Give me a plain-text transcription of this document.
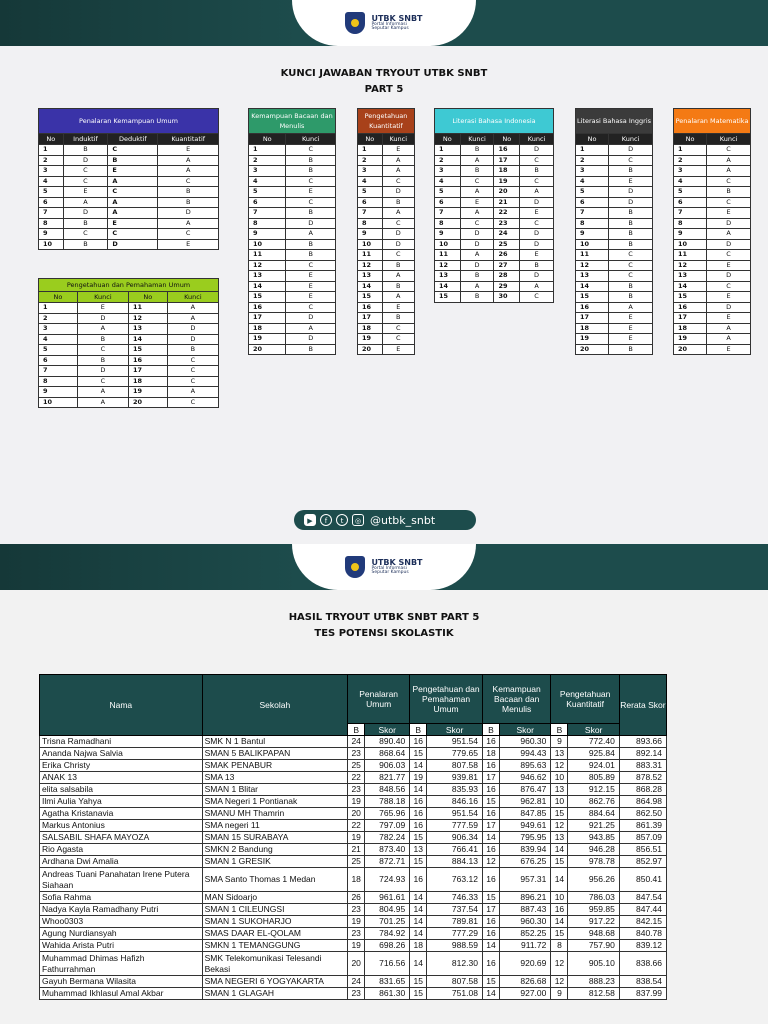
UTBK SNBT
Portal Informasi
Seputar Kampus
KUNCI JAWABAN TRYOUT UTBK SNBT
PART 5
Penalaran Kemampuan Umum			
No	Induktif	Deduktif	Kuantitatif
1	B	C	E
2	D	B	A
3	C	E	A
4	C	A	C
5	E	C	B
6	A	A	B
7	D	A	D
8	B	E	A
9	C	C	C
10	B	D	E
Pengetahuan dan Pemahaman Umum			
No	Kunci	No	Kunci
1	E	11	A
2	D	12	A
3	A	13	D
4	B	14	D
5	C	15	B
6	B	16	C
7	D	17	C
8	C	18	C
9	A	19	A
10	A	20	C
Kemampuan Bacaan dan Menulis	
No	Kunci
1	C
2	B
3	B
4	C
5	E
6	C
7	B
8	D
9	A
10	B
11	B
12	C
13	E
14	E
15	E
16	C
17	D
18	A
19	D
20	B
Pengetahuan Kuantitatif	
No	Kunci
1	E
2	A
3	A
4	C
5	D
6	B
7	A
8	C
9	D
10	D
11	C
12	B
13	A
14	B
15	A
16	E
17	B
18	C
19	C
20	E
Literasi Bahasa Indonesia			
No	Kunci	No	Kunci
1	B	16	D
2	A	17	C
3	B	18	B
4	C	19	C
5	A	20	A
6	E	21	D
7	A	22	E
8	C	23	C
9	D	24	D
10	D	25	D
11	A	26	E
12	D	27	B
13	B	28	D
14	A	29	A
15	B	30	C
Literasi Bahasa Inggris	
No	Kunci
1	D
2	C
3	B
4	E
5	D
6	D
7	B
8	B
9	B
10	B
11	C
12	C
13	C
14	B
15	B
16	A
17	E
18	E
19	E
20	B
Penalaran Matematika	
No	Kunci
1	C
2	A
3	A
4	C
5	B
6	C
7	E
8	D
9	A
10	D
11	C
12	E
13	D
14	C
15	E
16	D
17	E
18	A
19	A
20	E
▶	f	t	◎ @utbk_snbt
UTBK SNBT
Portal Informasi
Seputar Kampus
HASIL TRYOUT UTBK SNBT PART 5
TES POTENSI SKOLASTIK
Nama	Sekolah	Penalaran Umum		Pengetahuan dan Pemahaman Umum		Kemampuan Bacaan dan Menulis		Pengetahuan Kuantitatif		Rerata Skor
		B	Skor	B	Skor	B	Skor	B	Skor	
Trisna Ramadhani	SMK N 1 Bantul	24	890.40	16	951.54	16	960.30	9	772.40	893.66
Ananda Najwa Salvia	SMAN 5 BALIKPAPAN	23	868.64	15	779.65	18	994.43	13	925.84	892.14
Erika Christy	SMAK PENABUR	25	906.03	14	807.58	16	895.63	12	924.01	883.31
ANAK 13	SMA 13	22	821.77	19	939.81	17	946.62	10	805.89	878.52
elita salsabila	SMAN 1 Blitar	23	848.56	14	835.93	16	876.47	13	912.15	868.28
Ilmi Aulia Yahya	SMA Negeri 1 Pontianak	19	788.18	16	846.16	15	962.81	10	862.76	864.98
Agatha Kristanavia	SMANU MH Thamrin	20	765.96	16	951.54	16	847.85	15	884.64	862.50
Markus Antonius	SMA negeri 11	22	797.09	16	777.59	17	949.61	12	921.25	861.39
SALSABIL SHAFA MAYOZA	SMAN 15 SURABAYA	19	782.24	15	906.34	14	795.95	13	943.85	857.09
Rio Agasta	SMKN 2 Bandung	21	873.40	13	766.41	16	839.94	14	946.28	856.51
Ardhana Dwi Amalia	SMAN 1 GRESIK	25	872.71	15	884.13	12	676.25	15	978.78	852.97
Andreas Tuani Panahatan Irene Putera Siahaan	SMA Santo Thomas 1 Medan	18	724.93	16	763.12	16	957.31	14	956.26	850.41
Sofia Rahma	MAN Sidoarjo	26	961.61	14	746.33	15	896.21	10	786.03	847.54
Nadya Kayla Ramadhany Putri	SMAN 1 CILEUNGSI	23	804.95	14	737.54	17	887.43	16	959.85	847.44
Whoo0303	SMAN 1 SUKOHARJO	19	701.25	14	789.81	16	960.30	14	917.22	842.15
Agung Nurdiansyah	SMAS DAAR EL-QOLAM	23	784.92	14	777.29	16	852.25	15	948.68	840.78
Wahida Arista Putri	SMKN 1 TEMANGGUNG	19	698.26	18	988.59	14	911.72	8	757.90	839.12
Muhammad Dhimas Hafizh Fathurrahman	SMK Telekomunikasi Telesandi Bekasi	20	716.56	14	812.30	16	920.69	12	905.10	838.66
Gayuh Bermana Wilasita	SMA NEGERI 6 YOGYAKARTA	24	831.65	15	807.58	15	826.68	12	888.23	838.54
Muhammad Ikhlasul Amal Akbar	SMAN 1 GLAGAH	23	861.30	15	751.08	14	927.00	9	812.58	837.99
